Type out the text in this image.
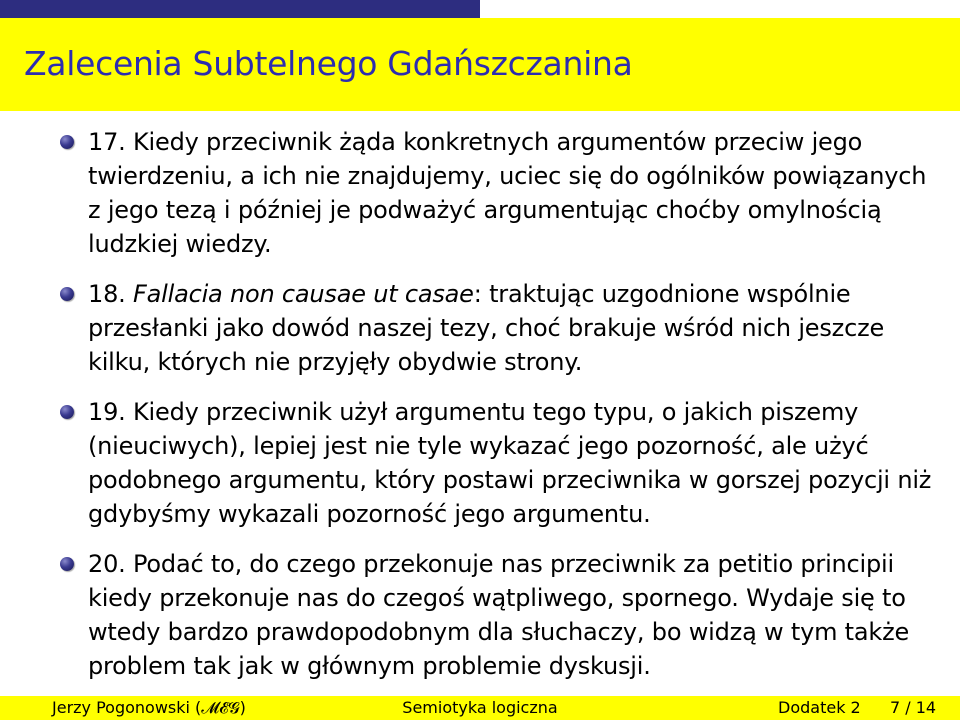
Zalecenia Subtelnego Gdańszczanina
17. Kiedy przeciwnik żąda konkretnych argumentów przeciw jego twierdzeniu, a ich nie znajdujemy, uciec się do ogólników powiązanych z jego tezą i później je podważyć argumentując choćby omylnością ludzkiej wiedzy.
18. Fallacia non causae ut casae: traktując uzgodnione wspólnie przesłanki jako dowód naszej tezy, choć brakuje wśród nich jeszcze kilku, których nie przyjęły obydwie strony.
19. Kiedy przeciwnik użył argumentu tego typu, o jakich piszemy (nieuciwych), lepiej jest nie tyle wykazać jego pozorność, ale użyć podobnego argumentu, który postawi przeciwnika w gorszej pozycji niż gdybyśmy wykazali pozorność jego argumentu.
20. Podać to, do czego przekonuje nas przeciwnik za petitio principii kiedy przekonuje nas do czegoś wątpliwego, spornego. Wydaje się to wtedy bardzo prawdopodobnym dla słuchaczy, bo widzą w tym także problem tak jak w głównym problemie dyskusji.
Jerzy Pogonowski (𝓜𝓔𝓖)	Semiotyka logiczna	Dodatek 2 7 / 14
